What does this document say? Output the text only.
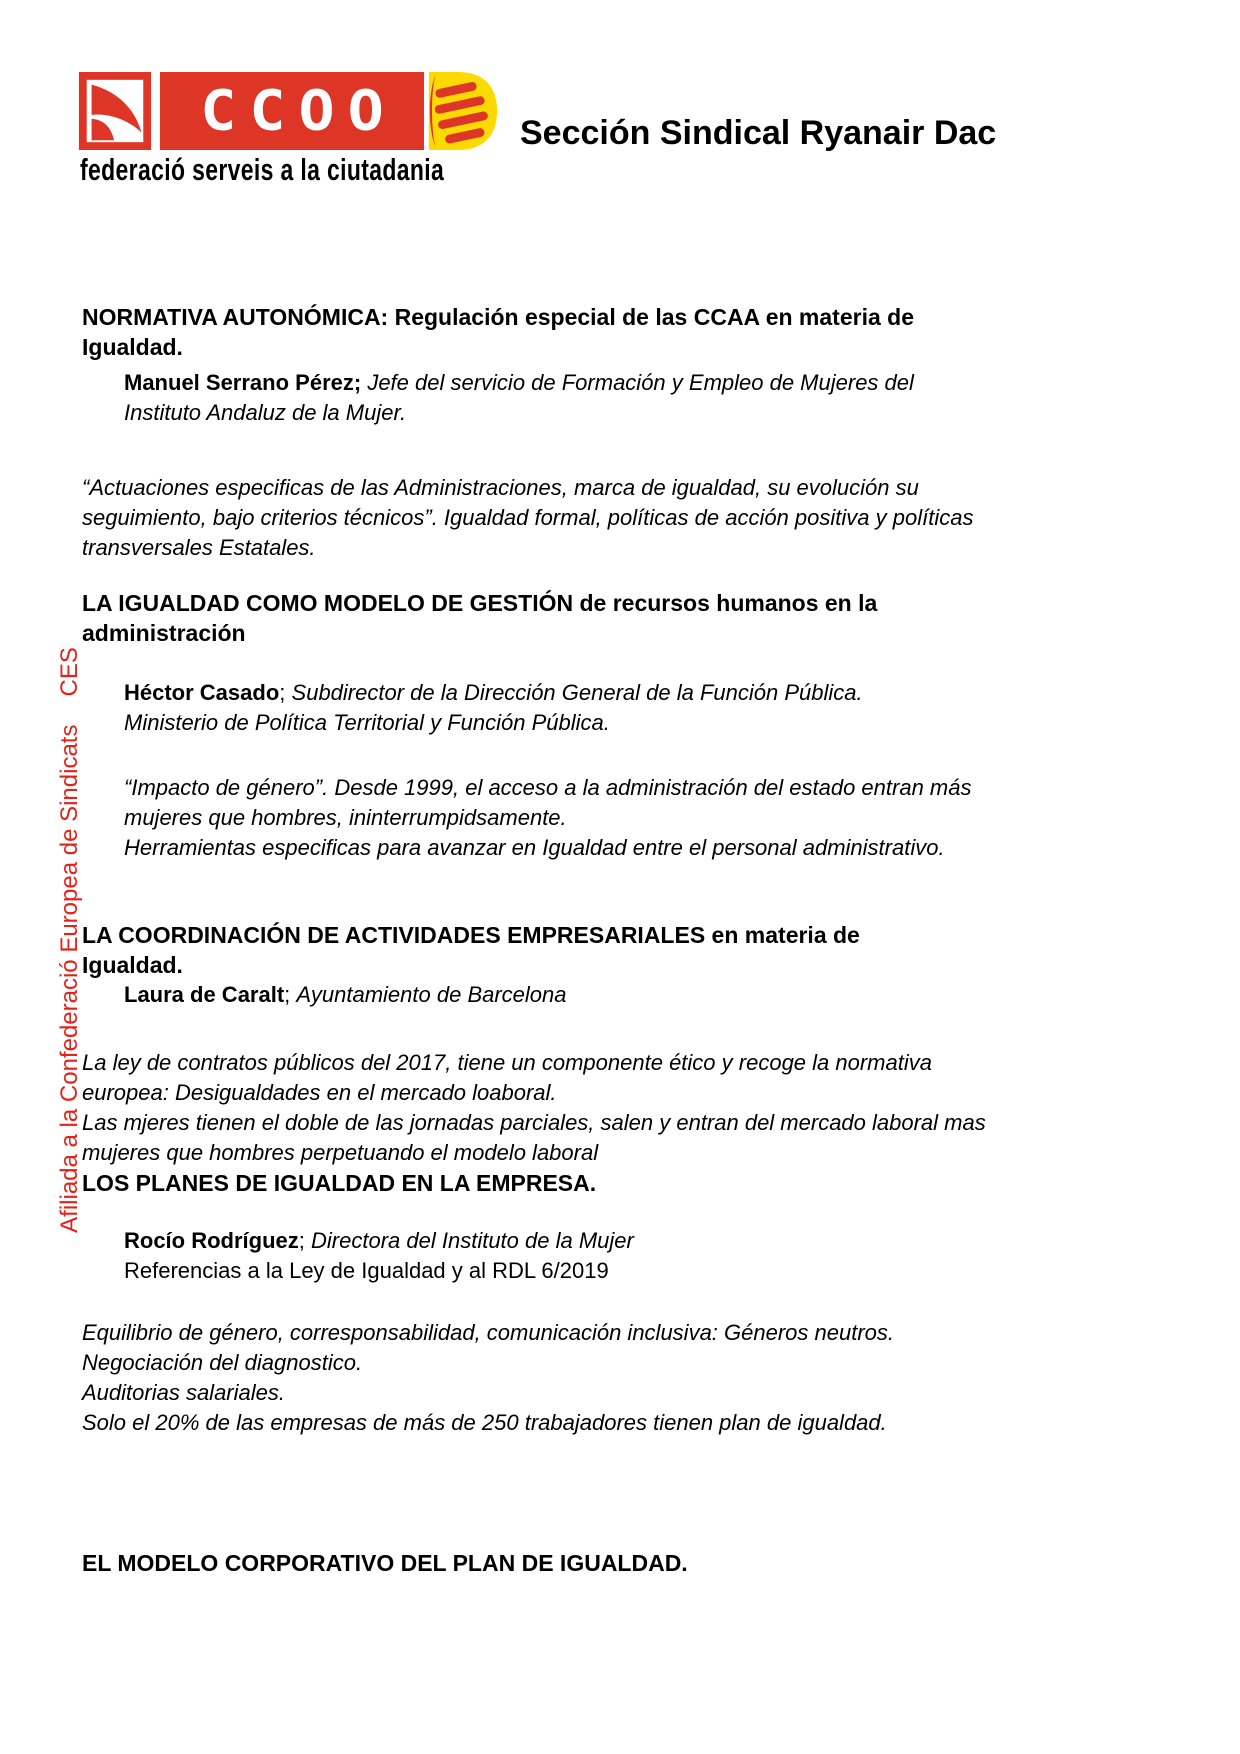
Afiliada a la Confederació Europea de SindicatsCES
CCOO
federació serveis a la ciutadania
Sección Sindical Ryanair Dac

NORMATIVA AUTONÓMICA: Regulación especial de las CCAA en materia de
Igualdad.

Manuel Serrano Pérez; Jefe del servicio de Formación y Empleo de Mujeres del
Instituto Andaluz de la Mujer.

“Actuaciones especificas de las Administraciones, marca de igualdad, su evolución su
seguimiento, bajo criterios técnicos”. Igualdad formal, políticas de acción positiva y políticas
transversales Estatales.

LA IGUALDAD COMO MODELO DE GESTIÓN de recursos humanos en la
administración

Héctor Casado; Subdirector de la Dirección General de la Función Pública.
Ministerio de Política Territorial y Función Pública.

“Impacto de género”. Desde 1999, el acceso a la administración del estado entran más
mujeres que hombres, ininterrumpidsamente.
Herramientas especificas para avanzar en Igualdad entre el personal administrativo.

LA COORDINACIÓN DE ACTIVIDADES EMPRESARIALES en materia de
Igualdad.

Laura de Caralt; Ayuntamiento de Barcelona

La ley de contratos públicos del 2017, tiene un componente ético y recoge la normativa
europea: Desigualdades en el mercado loaboral.
Las mjeres tienen el doble de las jornadas parciales, salen y entran del mercado laboral mas
mujeres que hombres perpetuando el modelo laboral

LOS PLANES DE IGUALDAD EN LA EMPRESA.

Rocío Rodríguez; Directora del Instituto de la Mujer
Referencias a la Ley de Igualdad y al RDL 6/2019

Equilibrio de género, corresponsabilidad, comunicación inclusiva: Géneros neutros.
Negociación del diagnostico.
Auditorias salariales.
Solo el 20% de las empresas de más de 250 trabajadores tienen plan de igualdad.

EL MODELO CORPORATIVO DEL PLAN DE IGUALDAD.
